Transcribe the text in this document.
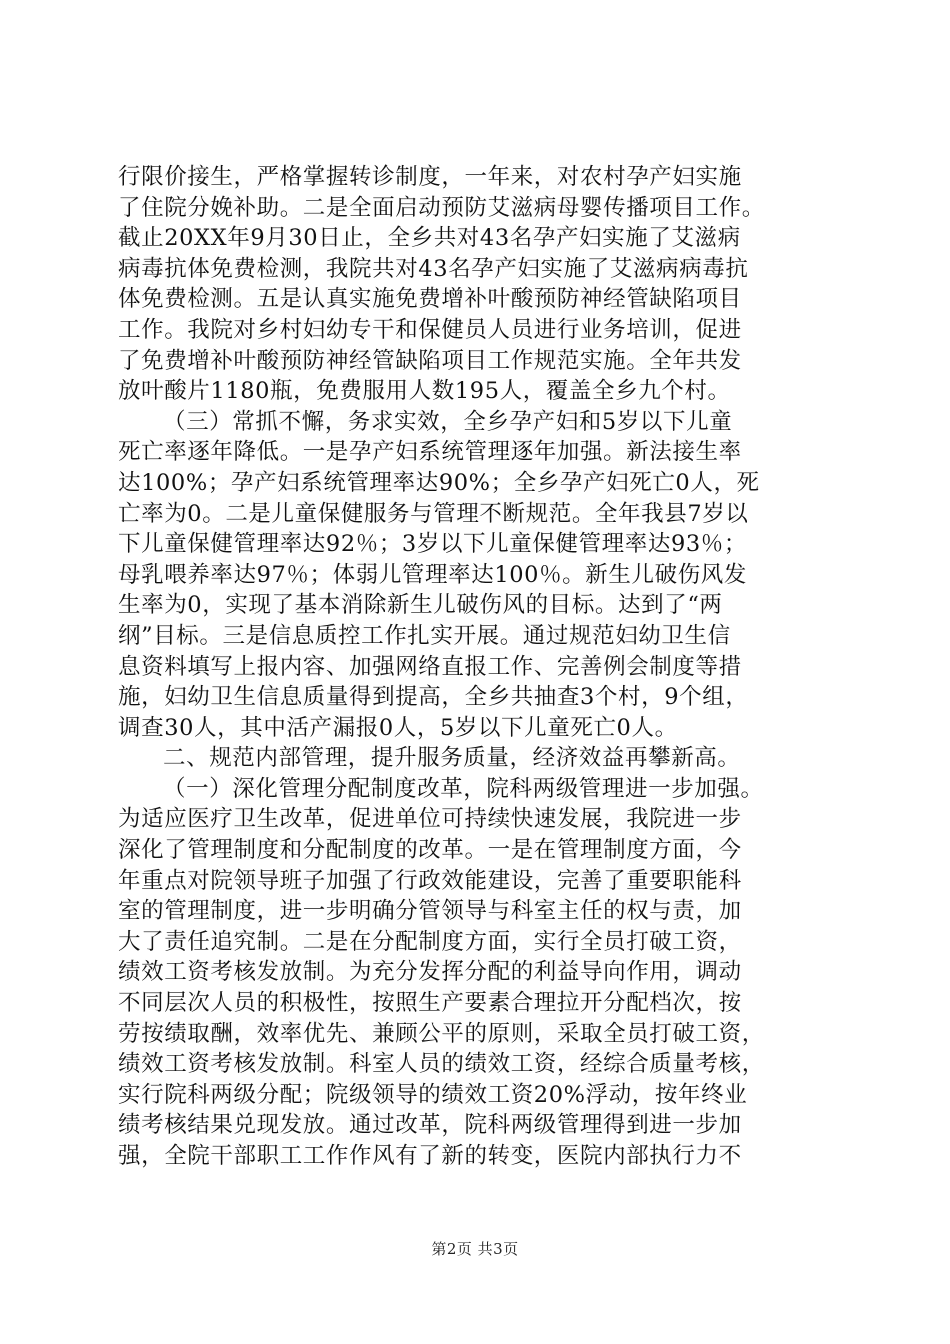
行限价接生，严格掌握转诊制度，一年来，对农村孕产妇实施
了住院分娩补助。二是全面启动预防艾滋病母婴传播项目工作。
截止20XX年9月30日止，全乡共对43名孕产妇实施了艾滋病
病毒抗体免费检测，我院共对43名孕产妇实施了艾滋病病毒抗
体免费检测。五是认真实施免费增补叶酸预防神经管缺陷项目
工作。我院对乡村妇幼专干和保健员人员进行业务培训，促进
了免费增补叶酸预防神经管缺陷项目工作规范实施。全年共发
放叶酸片1180瓶，免费服用人数195人，覆盖全乡九个村。
（三）常抓不懈，务求实效，全乡孕产妇和5岁以下儿童
死亡率逐年降低。一是孕产妇系统管理逐年加强。新法接生率
达100%；孕产妇系统管理率达90%；全乡孕产妇死亡0人，死
亡率为0。二是儿童保健服务与管理不断规范。全年我县7岁以
下儿童保健管理率达92％；3岁以下儿童保健管理率达93％；
母乳喂养率达97％；体弱儿管理率达100％。新生儿破伤风发
生率为0，实现了基本消除新生儿破伤风的目标。达到了“两
纲”目标。三是信息质控工作扎实开展。通过规范妇幼卫生信
息资料填写上报内容、加强网络直报工作、完善例会制度等措
施，妇幼卫生信息质量得到提高，全乡共抽查3个村，9个组，
调查30人，其中活产漏报0人，5岁以下儿童死亡0人。
二、规范内部管理，提升服务质量，经济效益再攀新高。
（一）深化管理分配制度改革，院科两级管理进一步加强。
为适应医疗卫生改革，促进单位可持续快速发展，我院进一步
深化了管理制度和分配制度的改革。一是在管理制度方面，今
年重点对院领导班子加强了行政效能建设，完善了重要职能科
室的管理制度，进一步明确分管领导与科室主任的权与责，加
大了责任追究制。二是在分配制度方面，实行全员打破工资，
绩效工资考核发放制。为充分发挥分配的利益导向作用，调动
不同层次人员的积极性，按照生产要素合理拉开分配档次，按
劳按绩取酬，效率优先、兼顾公平的原则，采取全员打破工资，
绩效工资考核发放制。科室人员的绩效工资，经综合质量考核，
实行院科两级分配；院级领导的绩效工资20%浮动，按年终业
绩考核结果兑现发放。通过改革，院科两级管理得到进一步加
强，全院干部职工工作作风有了新的转变，医院内部执行力不
第2页 共3页
